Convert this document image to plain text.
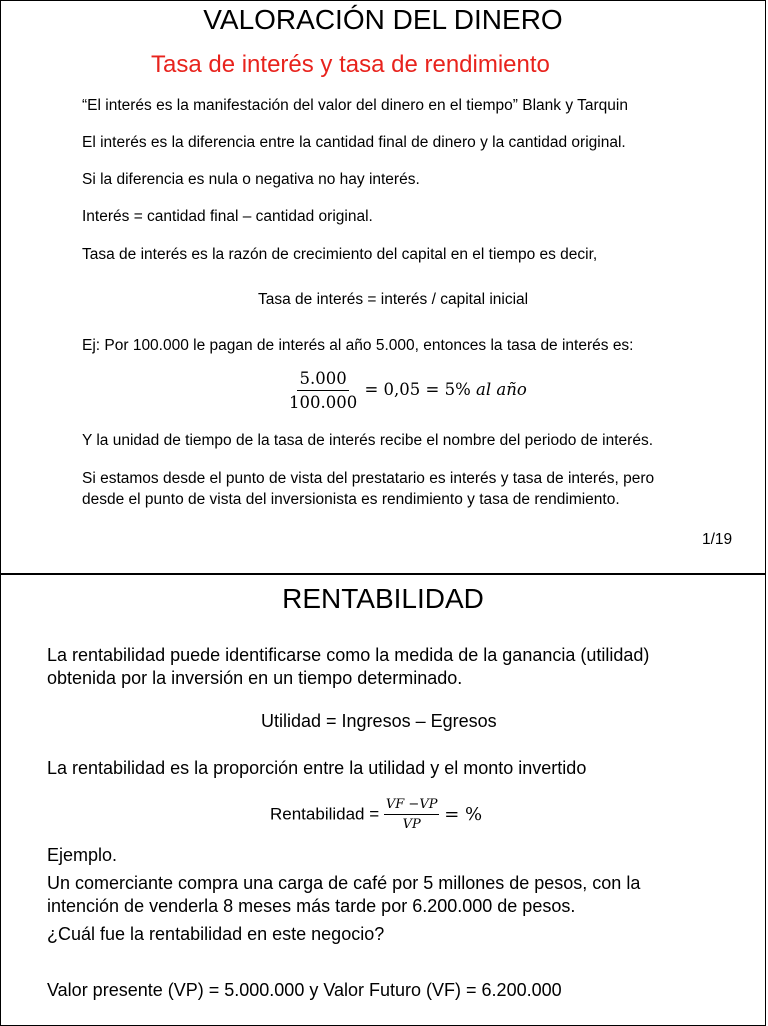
VALORACIÓN DEL DINERO
Tasa de interés y tasa de rendimiento
“El interés es la manifestación del valor del dinero en el tiempo” Blank y Tarquin
El interés es la diferencia entre la cantidad final de dinero y la cantidad original.
Si la diferencia es nula o negativa no hay interés.
Interés = cantidad final – cantidad original.
Tasa de interés es la razón de crecimiento del capital en el tiempo es decir,
Tasa de interés = interés / capital inicial
Ej: Por 100.000 le pagan de interés al año 5.000, entonces la tasa de interés es:
$\frac{5.000}{100.000} = 0,05 = 5\%$ al año
Y la unidad de tiempo de la tasa de interés recibe el nombre del periodo de interés.
Si estamos desde el punto de vista del prestatario es interés y tasa de interés, pero
desde el punto de vista del inversionista es rendimiento y tasa de rendimiento.
1/19
RENTABILIDAD
La rentabilidad puede identificarse como la medida de la ganancia (utilidad)
obtenida por la inversión en un tiempo determinado.
Utilidad = Ingresos – Egresos
La rentabilidad es la proporción entre la utilidad y el monto invertido
Rentabilidad = $\frac{VF -VP}{VP}$ = %
Ejemplo.
Un comerciante compra una carga de café por 5 millones de pesos, con la
intención de venderla 8 meses más tarde por 6.200.000 de pesos.
¿Cuál fue la rentabilidad en este negocio?
Valor presente (VP) = 5.000.000 y Valor Futuro (VF) = 6.200.000
